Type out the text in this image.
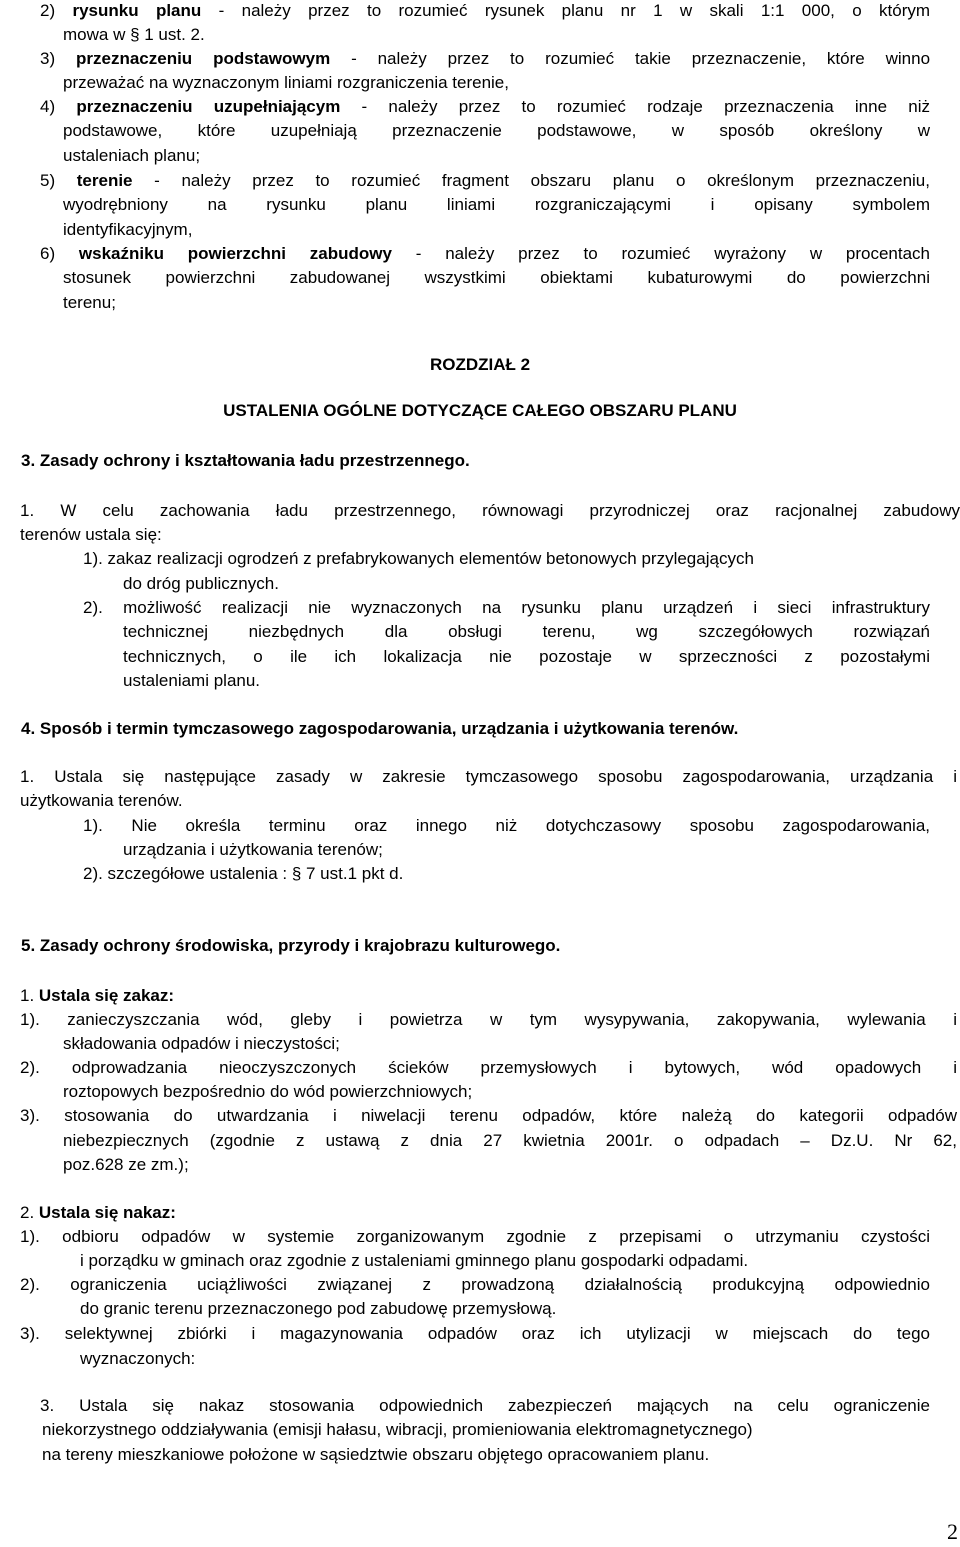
2) rysunku planu - należy przez to rozumieć rysunek planu nr 1 w skali 1:1 000, o którym
mowa w § 1 ust. 2.
3) przeznaczeniu podstawowym - należy przez to rozumieć takie przeznaczenie, które winno
przeważać na wyznaczonym liniami rozgraniczenia terenie,
4) przeznaczeniu uzupełniającym - należy przez to rozumieć rodzaje przeznaczenia inne niż
podstawowe, które uzupełniają przeznaczenie podstawowe, w sposób określony w
ustaleniach planu;
5) terenie - należy przez to rozumieć fragment obszaru planu o określonym przeznaczeniu,
wyodrębniony na rysunku planu liniami rozgraniczającymi i opisany symbolem
identyfikacyjnym,
6) wskaźniku powierzchni zabudowy - należy przez to rozumieć wyrażony w procentach
stosunek powierzchni zabudowanej wszystkimi obiektami kubaturowymi do powierzchni
terenu;
ROZDZIAŁ 2
USTALENIA OGÓLNE DOTYCZĄCE CAŁEGO OBSZARU PLANU
3. Zasady ochrony i kształtowania ładu przestrzennego.
1. W celu zachowania ładu przestrzennego, równowagi przyrodniczej oraz racjonalnej zabudowy
terenów ustala się:
1). zakaz realizacji ogrodzeń z prefabrykowanych elementów betonowych przylegających
do dróg publicznych.
2). możliwość realizacji nie wyznaczonych na rysunku planu urządzeń i sieci infrastruktury
technicznej niezbędnych dla obsługi terenu, wg szczegółowych rozwiązań
technicznych, o ile ich lokalizacja nie pozostaje w sprzeczności z pozostałymi
ustaleniami planu.
4. Sposób i termin tymczasowego zagospodarowania, urządzania i użytkowania terenów.
1. Ustala się następujące zasady w zakresie tymczasowego sposobu zagospodarowania, urządzania i
użytkowania terenów.
1). Nie określa terminu oraz innego niż dotychczasowy sposobu zagospodarowania,
urządzania i użytkowania terenów;
2). szczegółowe ustalenia : § 7 ust.1 pkt d.
5. Zasady ochrony środowiska, przyrody i krajobrazu kulturowego.
1. Ustala się zakaz:
1). zanieczyszczania wód, gleby i powietrza w tym wysypywania, zakopywania, wylewania i
składowania odpadów i nieczystości;
2). odprowadzania nieoczyszczonych ścieków przemysłowych i bytowych, wód opadowych i
roztopowych bezpośrednio do wód powierzchniowych;
3). stosowania do utwardzania i niwelacji terenu odpadów, które należą do kategorii odpadów
niebezpiecznych (zgodnie z ustawą z dnia 27 kwietnia 2001r. o odpadach – Dz.U. Nr 62,
poz.628 ze zm.);
2. Ustala się nakaz:
1). odbioru odpadów w systemie zorganizowanym zgodnie z przepisami o utrzymaniu czystości
i porządku w gminach oraz zgodnie z ustaleniami gminnego planu gospodarki odpadami.
2). ograniczenia uciążliwości związanej z prowadzoną działalnością produkcyjną odpowiednio
do granic terenu przeznaczonego pod zabudowę przemysłową.
3). selektywnej zbiórki i magazynowania odpadów oraz ich utylizacji w miejscach do tego
wyznaczonych:
3. Ustala się nakaz stosowania odpowiednich zabezpieczeń mających na celu ograniczenie
niekorzystnego oddziaływania (emisji hałasu, wibracji, promieniowania elektromagnetycznego)
na tereny mieszkaniowe położone w sąsiedztwie obszaru objętego opracowaniem planu.
2
